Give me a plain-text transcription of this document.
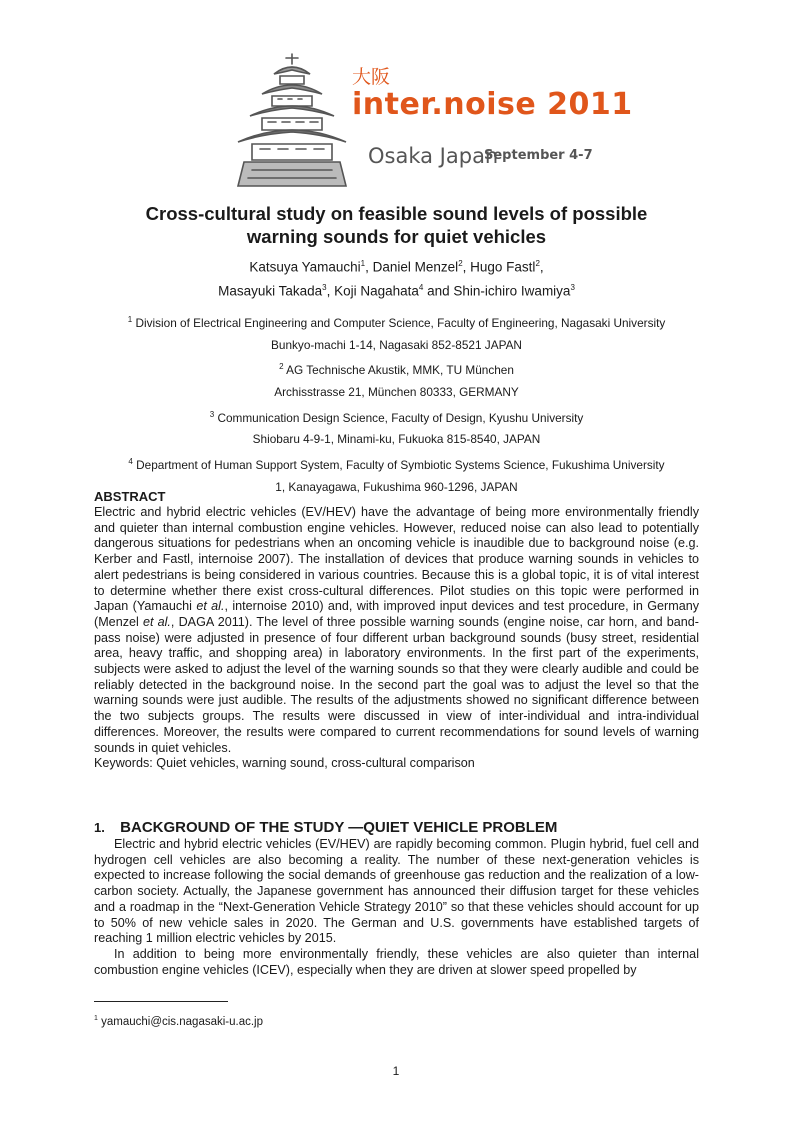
大阪
inter.noise 2011
Osaka Japan
September 4-7
Cross-cultural study on feasible sound levels of possible
warning sounds for quiet vehicles
Katsuya Yamauchi$^1$, Daniel Menzel$^2$, Hugo Fastl$^2$,
Masayuki Takada$^3$, Koji Nagahata$^4$ and Shin-ichiro Iwamiya$^3$
$^1$ Division of Electrical Engineering and Computer Science, Faculty of Engineering, Nagasaki University
Bunkyo-machi 1-14, Nagasaki 852-8521 JAPAN
$^2$ AG Technische Akustik, MMK, TU München
Archisstrasse 21, München 80333, GERMANY
$^3$ Communication Design Science, Faculty of Design, Kyushu University
Shiobaru 4-9-1, Minami-ku, Fukuoka 815-8540, JAPAN
$^4$ Department of Human Support System, Faculty of Symbiotic Systems Science, Fukushima University
1, Kanayagawa, Fukushima 960-1296, JAPAN
ABSTRACT
Electric and hybrid electric vehicles (EV/HEV) have the advantage of being more environmentally friendly and quieter than internal combustion engine vehicles. However, reduced noise can also lead to potentially dangerous situations for pedestrians when an oncoming vehicle is inaudible due to background noise (e.g. Kerber and Fastl, internoise 2007). The installation of devices that produce warning sounds in vehicles to alert pedestrians is being considered in various countries. Because this is a global topic, it is of vital interest to determine whether there exist cross-cultural differences. Pilot studies on this topic were performed in Japan (Yamauchi et al., internoise 2010) and, with improved input devices and test procedure, in Germany (Menzel et al., DAGA 2011). The level of three possible warning sounds (engine noise, car horn, and band-pass noise) were adjusted in presence of four different urban background sounds (busy street, residential area, heavy traffic, and shopping area) in laboratory environments. In the first part of the experiments, subjects were asked to adjust the level of the warning sounds so that they were clearly audible and could be reliably detected in the background noise. In the second part the goal was to adjust the level so that the warning sounds were just audible. The results of the adjustments showed no significant difference between the two subjects groups. The results were discussed in view of inter-individual and intra-individual differences. Moreover, the results were compared to current recommendations for sound levels of warning sounds in quiet vehicles.
Keywords: Quiet vehicles, warning sound, cross-cultural comparison
1. BACKGROUND OF THE STUDY —QUIET VEHICLE PROBLEM
Electric and hybrid electric vehicles (EV/HEV) are rapidly becoming common. Plugin hybrid, fuel cell and hydrogen cell vehicles are also becoming a reality. The number of these next-generation vehicles is expected to increase following the social demands of greenhouse gas reduction and the realization of a low-carbon society. Actually, the Japanese government has announced their diffusion target for these vehicles and a roadmap in the “Next-Generation Vehicle Strategy 2010” so that these vehicles should account for up to 50% of new vehicle sales in 2020. The German and U.S. governments have established targets of reaching 1 million electric vehicles by 2015.
In addition to being more environmentally friendly, these vehicles are also quieter than internal combustion engine vehicles (ICEV), especially when they are driven at slower speed propelled by
$^1$ yamauchi@cis.nagasaki-u.ac.jp
1
